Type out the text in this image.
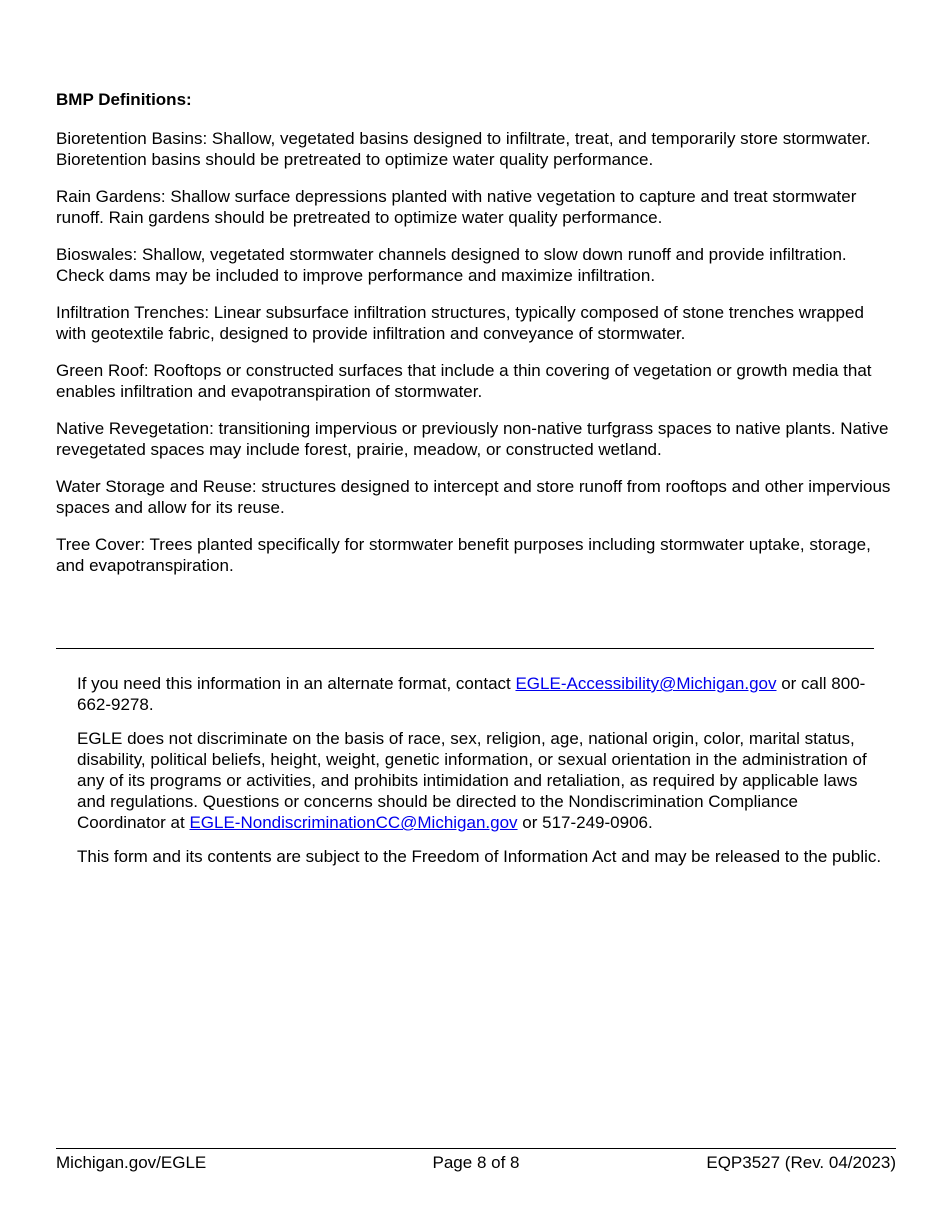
BMP Definitions:

Bioretention Basins: Shallow, vegetated basins designed to infiltrate, treat, and temporarily store stormwater. Bioretention basins should be pretreated to optimize water quality performance.

Rain Gardens: Shallow surface depressions planted with native vegetation to capture and treat stormwater runoff. Rain gardens should be pretreated to optimize water quality performance.

Bioswales: Shallow, vegetated stormwater channels designed to slow down runoff and provide infiltration. Check dams may be included to improve performance and maximize infiltration.

Infiltration Trenches: Linear subsurface infiltration structures, typically composed of stone trenches wrapped with geotextile fabric, designed to provide infiltration and conveyance of stormwater.

Green Roof: Rooftops or constructed surfaces that include a thin covering of vegetation or growth media that enables infiltration and evapotranspiration of stormwater.

Native Revegetation: transitioning impervious or previously non-native turfgrass spaces to native plants. Native revegetated spaces may include forest, prairie, meadow, or constructed wetland.

Water Storage and Reuse: structures designed to intercept and store runoff from rooftops and other impervious spaces and allow for its reuse.

Tree Cover: Trees planted specifically for stormwater benefit purposes including stormwater uptake, storage, and evapotranspiration.

If you need this information in an alternate format, contact EGLE-Accessibility@Michigan.gov or call 800-662-9278.

EGLE does not discriminate on the basis of race, sex, religion, age, national origin, color, marital status, disability, political beliefs, height, weight, genetic information, or sexual orientation in the administration of any of its programs or activities, and prohibits intimidation and retaliation, as required by applicable laws and regulations. Questions or concerns should be directed to the Nondiscrimination Compliance Coordinator at EGLE-NondiscriminationCC@Michigan.gov or 517-249-0906.

This form and its contents are subject to the Freedom of Information Act and may be released to the public.

Michigan.gov/EGLE	Page 8 of 8	EQP3527 (Rev. 04/2023)
